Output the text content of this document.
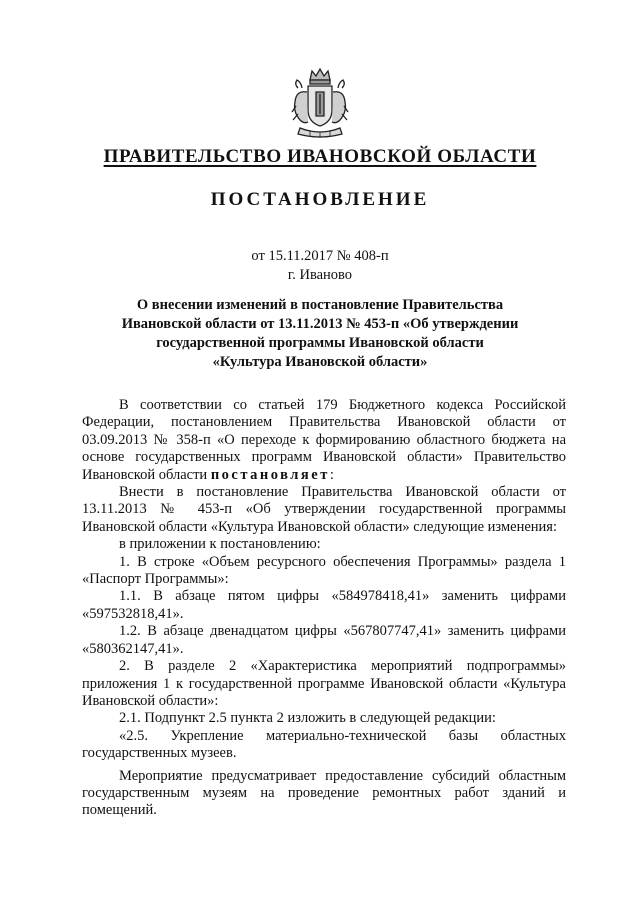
ПРАВИТЕЛЬСТВО ИВАНОВСКОЙ ОБЛАСТИ
ПОСТАНОВЛЕНИЕ
от 15.11.2017 № 408-п
г. Иваново
О внесении изменений в постановление Правительства
Ивановской области от 13.11.2013 № 453-п «Об утверждении
государственной программы Ивановской области
«Культура Ивановской области»

В соответствии со статьей 179 Бюджетного кодекса Российской Федерации, постановлением Правительства Ивановской области от 03.09.2013 № 358-п «О переходе к формированию областного бюджета на основе государственных программ Ивановской области» Правительство Ивановской области постановляет:

Внести в постановление Правительства Ивановской области от 13.11.2013 № 453-п «Об утверждении государственной программы Ивановской области «Культура Ивановской области» следующие изменения:

в приложении к постановлению:

1. В строке «Объем ресурсного обеспечения Программы» раздела 1 «Паспорт Программы»:

1.1. В абзаце пятом цифры «584978418,41» заменить цифрами «597532818,41».

1.2. В абзаце двенадцатом цифры «567807747,41» заменить цифрами «580362147,41».

2. В разделе 2 «Характеристика мероприятий подпрограммы» приложения 1 к государственной программе Ивановской области «Культура Ивановской области»:

2.1. Подпункт 2.5 пункта 2 изложить в следующей редакции:

«2.5. Укрепление материально-технической базы областных государственных музеев.

Мероприятие предусматривает предоставление субсидий областным государственным музеям на проведение ремонтных работ зданий и помещений.
